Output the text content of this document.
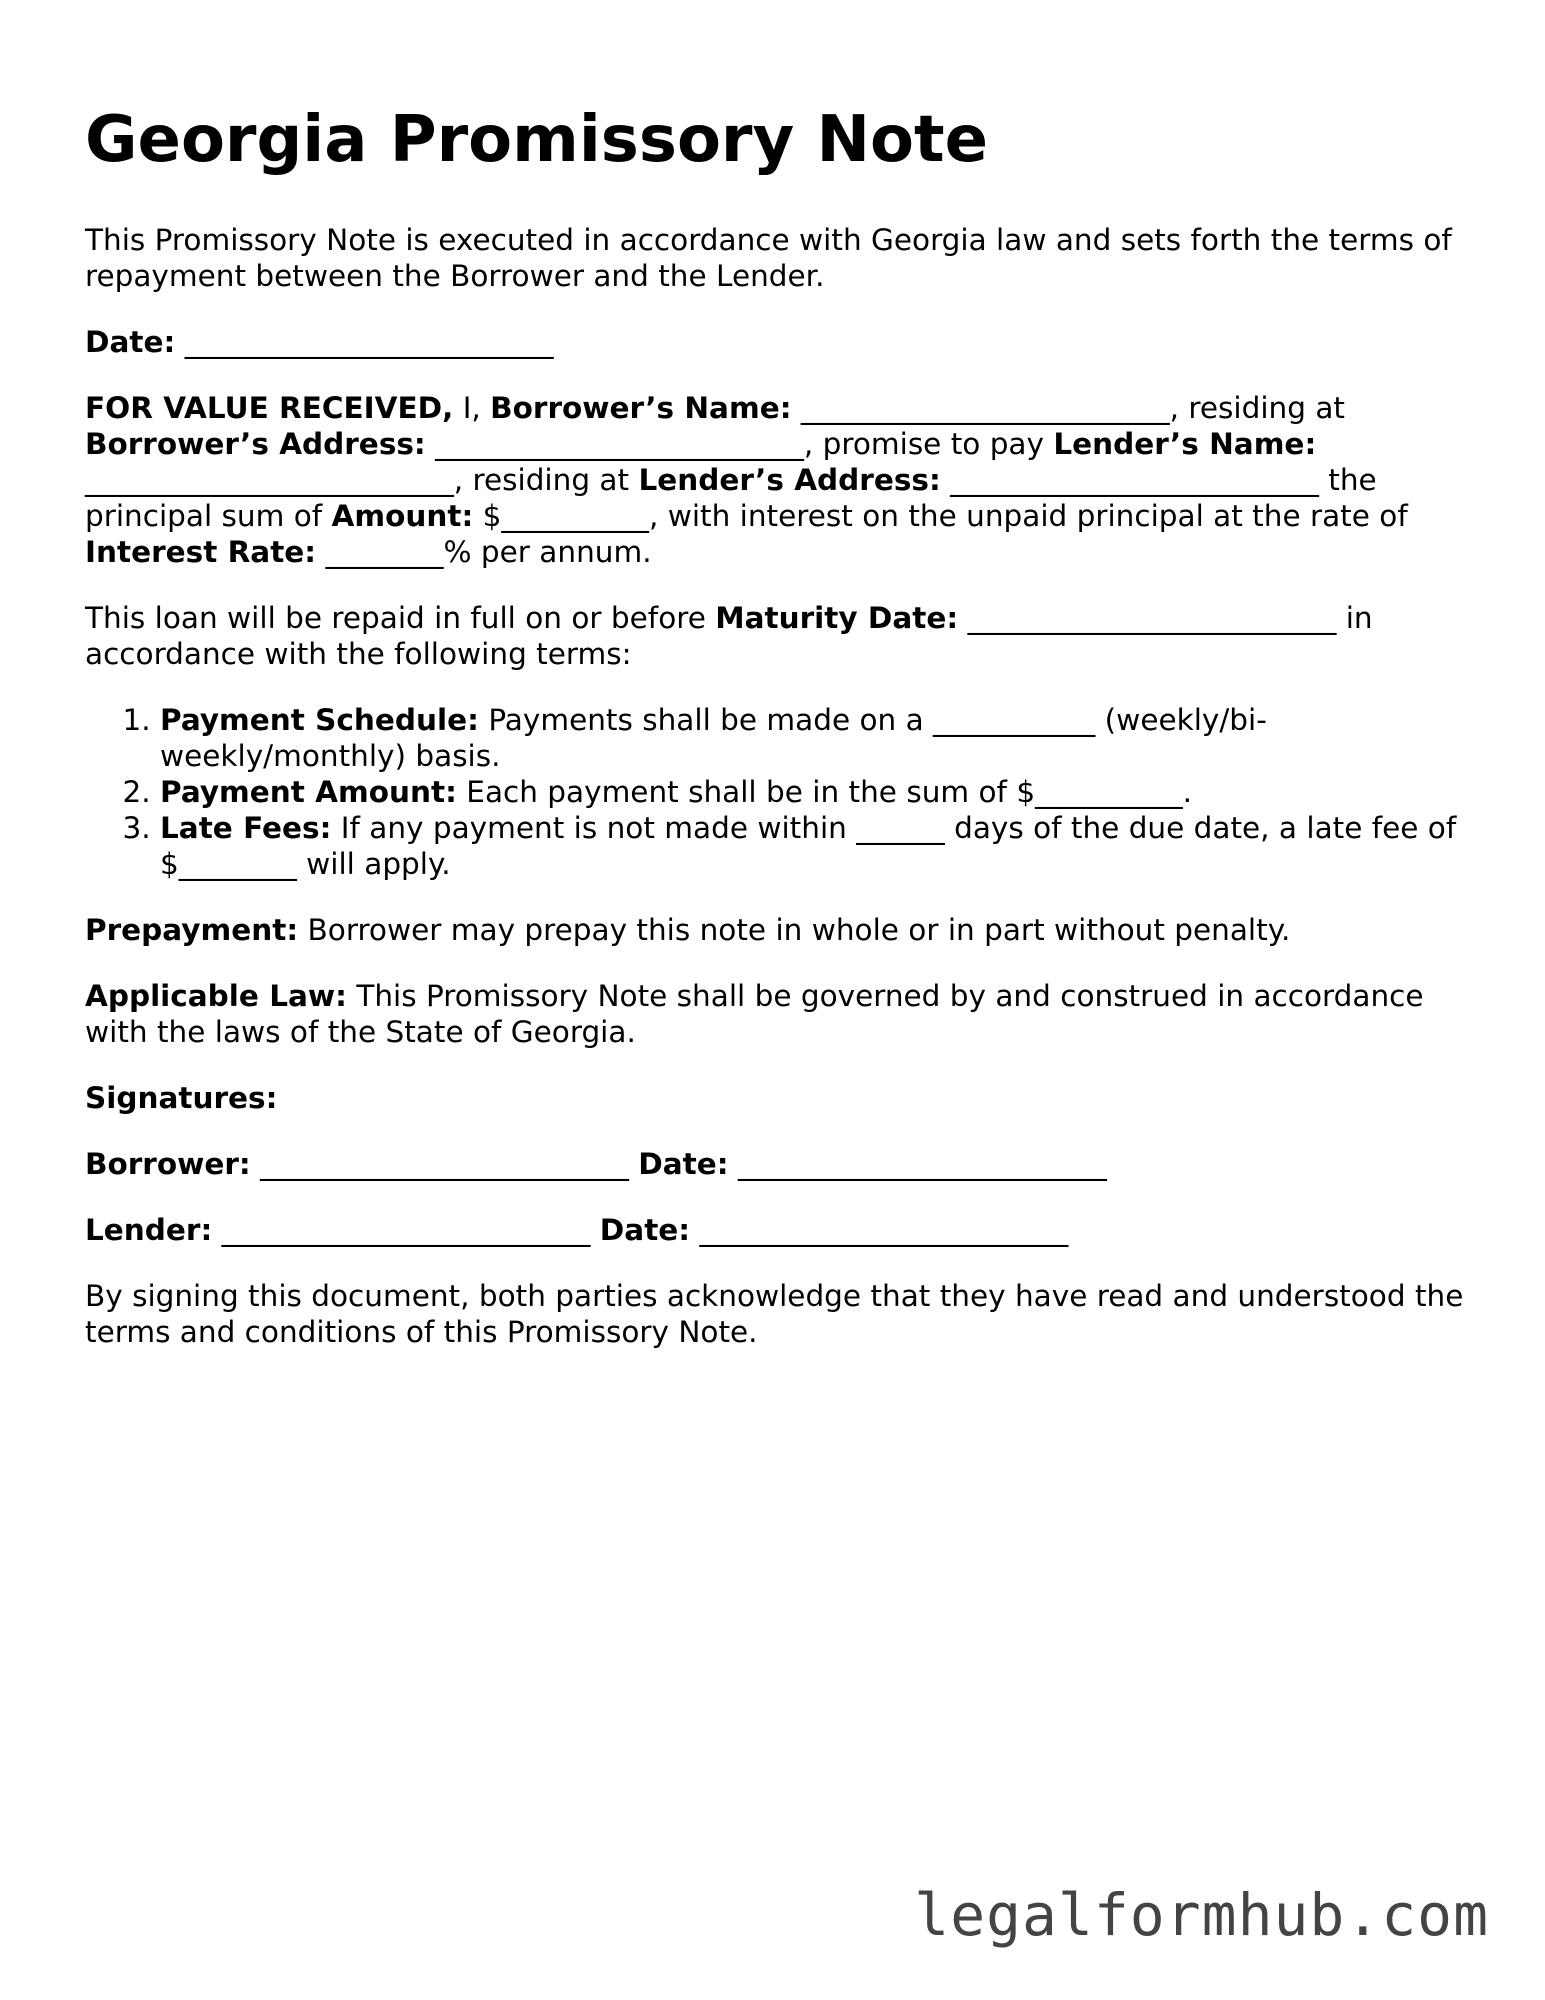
Georgia Promissory Note

This Promissory Note is executed in accordance with Georgia law and sets forth the terms of repayment between the Borrower and the Lender.

Date: _________________________

FOR VALUE RECEIVED, I, Borrower’s Name: _________________________, residing at Borrower’s Address: _________________________, promise to pay Lender’s Name: _________________________, residing at Lender’s Address: _________________________ the principal sum of Amount: $__________, with interest on the unpaid principal at the rate of Interest Rate: ________% per annum.

This loan will be repaid in full on or before Maturity Date: _________________________ in accordance with the following terms:

1. Payment Schedule: Payments shall be made on a ___________ (weekly/bi-weekly/monthly) basis.
2. Payment Amount: Each payment shall be in the sum of $__________.
3. Late Fees: If any payment is not made within ______ days of the due date, a late fee of $________ will apply.

Prepayment: Borrower may prepay this note in whole or in part without penalty.

Applicable Law: This Promissory Note shall be governed by and construed in accordance with the laws of the State of Georgia.

Signatures:

Borrower: _________________________ Date: _________________________

Lender: _________________________ Date: _________________________

By signing this document, both parties acknowledge that they have read and understood the terms and conditions of this Promissory Note.

legalformhub.com
